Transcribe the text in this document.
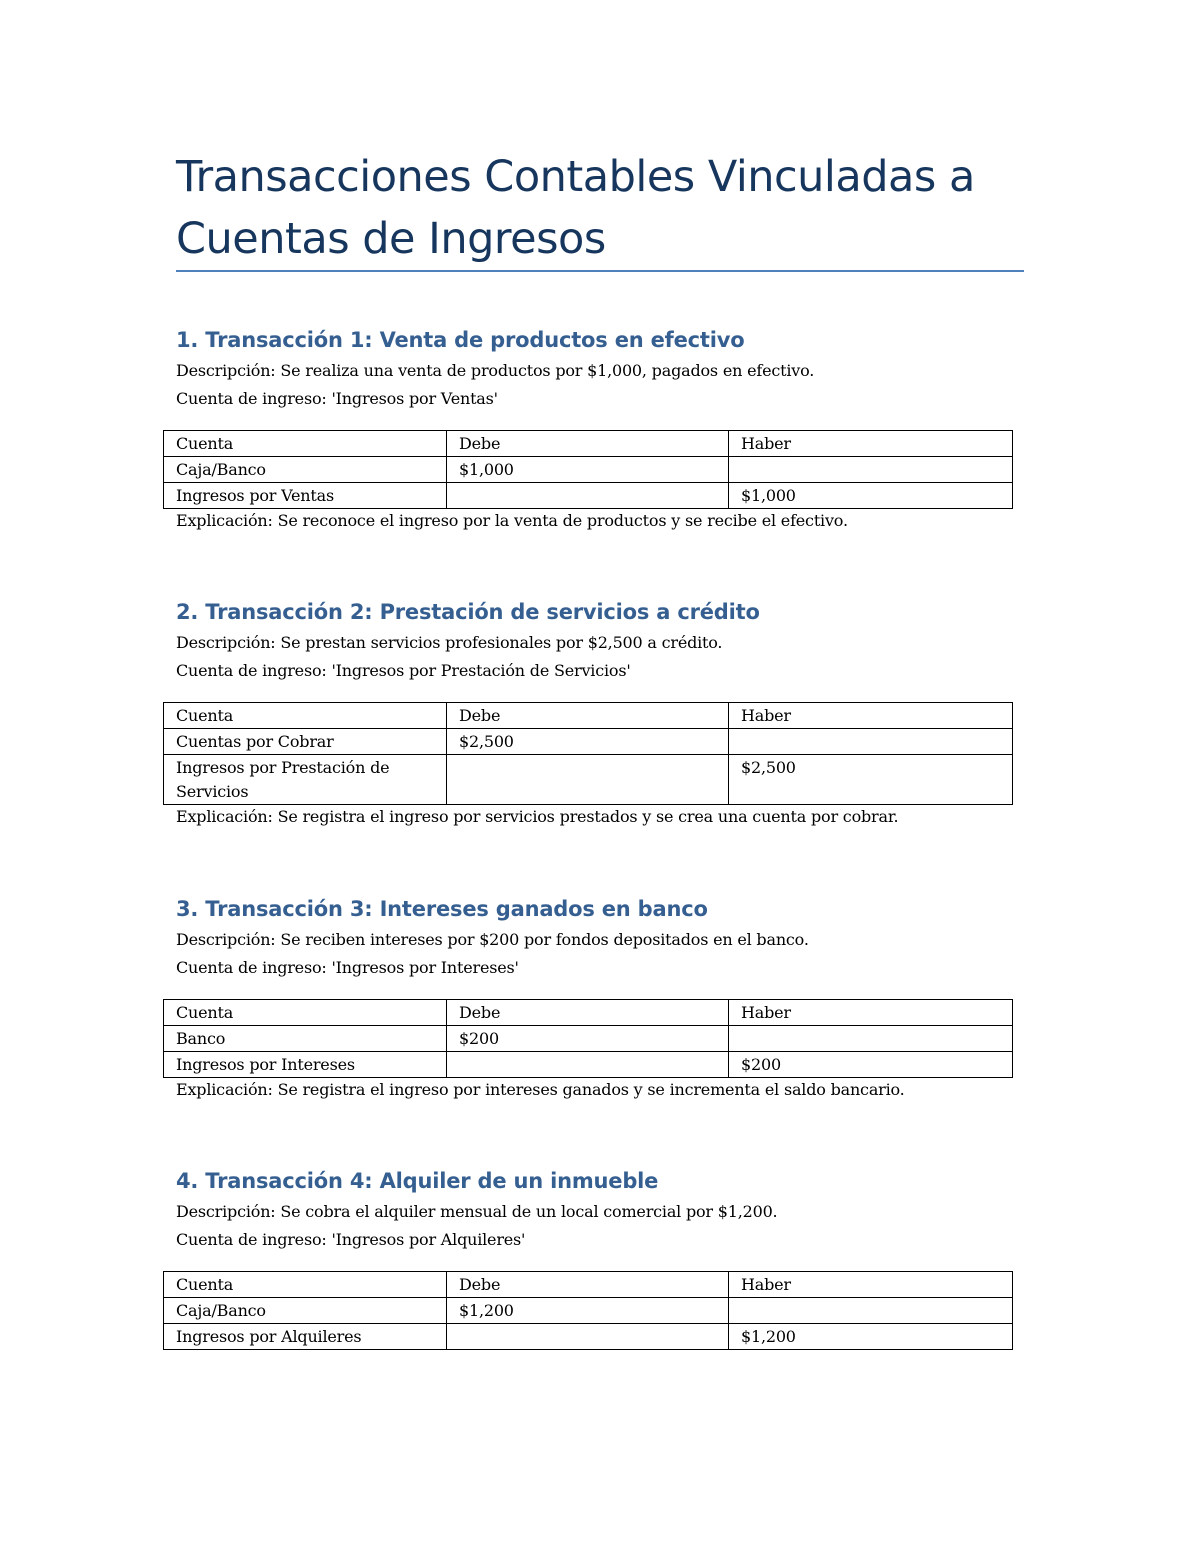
Transacciones Contables Vinculadas a Cuentas de Ingresos
1. Transacción 1: Venta de productos en efectivo

Descripción: Se realiza una venta de productos por $1,000, pagados en efectivo.

Cuenta de ingreso: 'Ingresos por Ventas'

Cuenta	Debe	Haber
Caja/Banco	$1,000	
Ingresos por Ventas		$1,000

Explicación: Se reconoce el ingreso por la venta de productos y se recibe el efectivo.

2. Transacción 2: Prestación de servicios a crédito

Descripción: Se prestan servicios profesionales por $2,500 a crédito.

Cuenta de ingreso: 'Ingresos por Prestación de Servicios'

Cuenta	Debe	Haber
Cuentas por Cobrar	$2,500	
Ingresos por Prestación de Servicios		$2,500

Explicación: Se registra el ingreso por servicios prestados y se crea una cuenta por cobrar.

3. Transacción 3: Intereses ganados en banco

Descripción: Se reciben intereses por $200 por fondos depositados en el banco.

Cuenta de ingreso: 'Ingresos por Intereses'

Cuenta	Debe	Haber
Banco	$200	
Ingresos por Intereses		$200

Explicación: Se registra el ingreso por intereses ganados y se incrementa el saldo bancario.

4. Transacción 4: Alquiler de un inmueble

Descripción: Se cobra el alquiler mensual de un local comercial por $1,200.

Cuenta de ingreso: 'Ingresos por Alquileres'

Cuenta	Debe	Haber
Caja/Banco	$1,200	
Ingresos por Alquileres		$1,200
